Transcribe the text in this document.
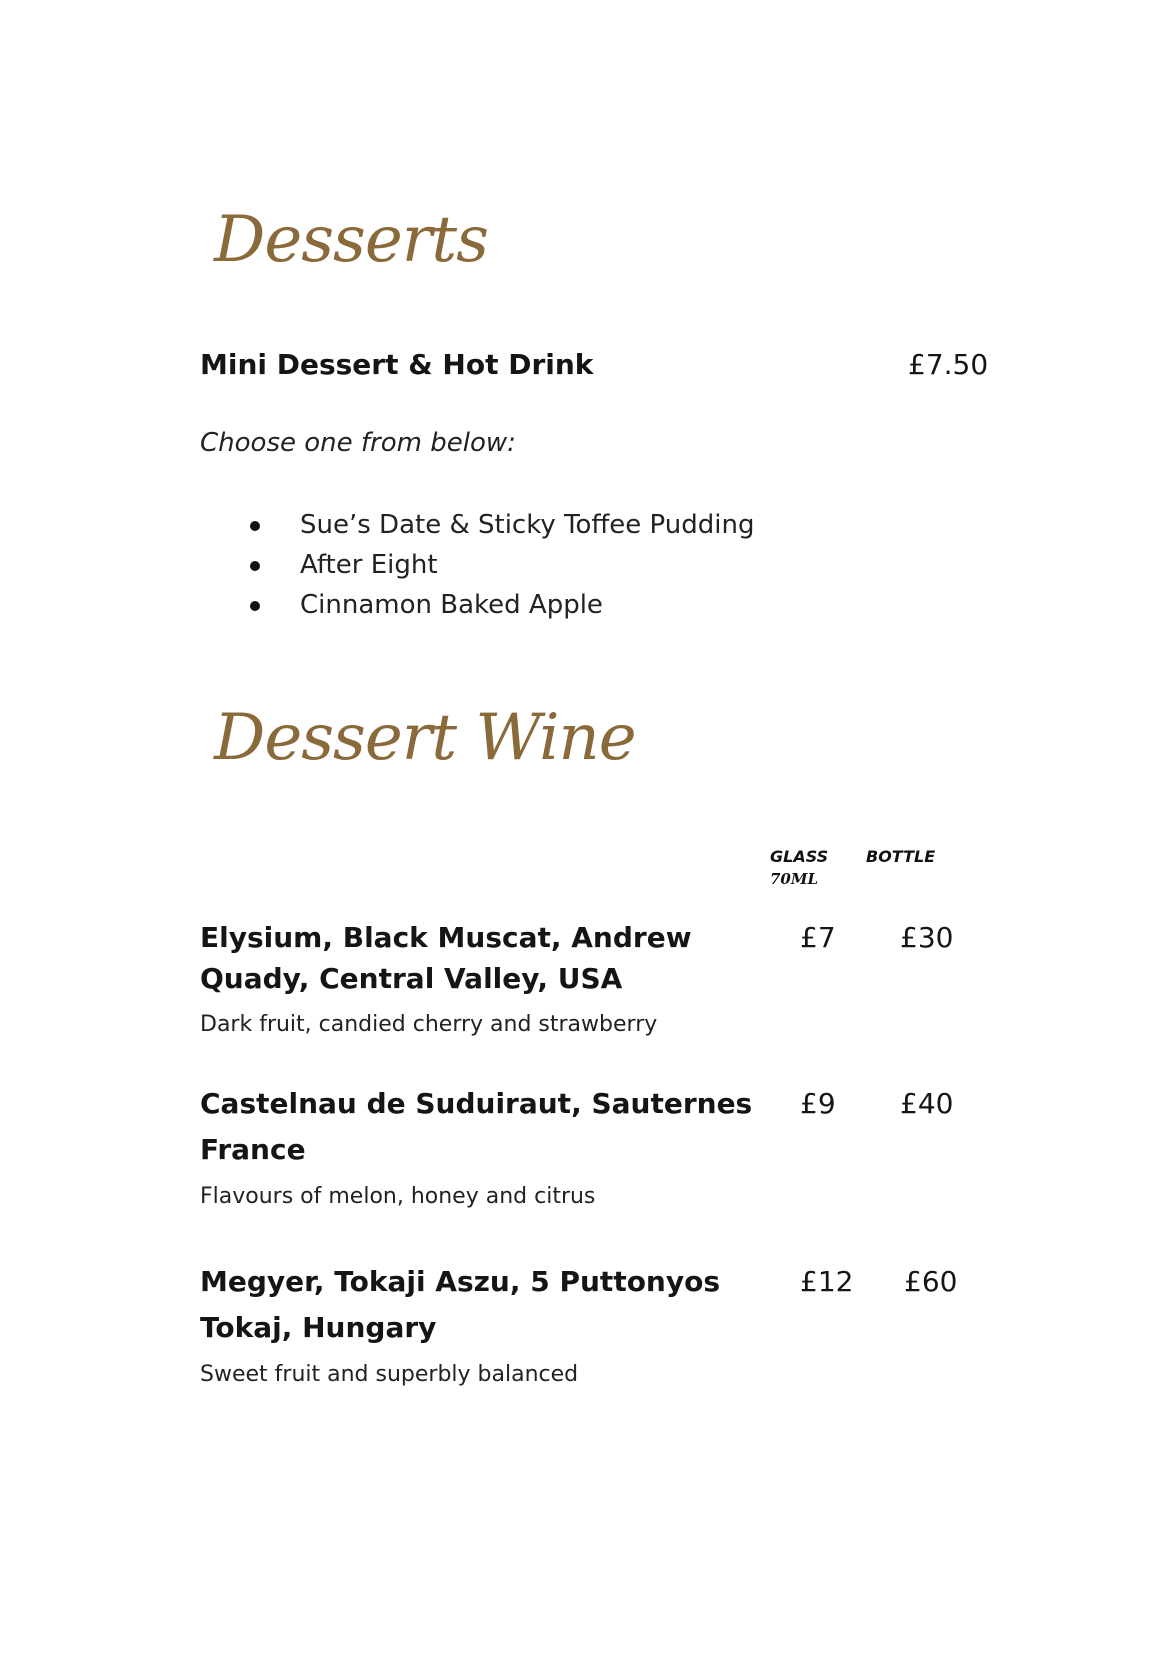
Desserts
Mini Dessert & Hot Drink	£7.50
Choose one from below:
Sue’s Date & Sticky Toffee Pudding
After Eight
Cinnamon Baked Apple
Dessert Wine
GLASS
70ML
BOTTLE
Elysium, Black Muscat, Andrew
Quady, Central Valley, USA
£7 £30
Dark fruit, candied cherry and strawberry
Castelnau de Suduiraut, Sauternes
France
£9 £40
Flavours of melon, honey and citrus
Megyer, Tokaji Aszu, 5 Puttonyos
Tokaj, Hungary
£12 £60
Sweet fruit and superbly balanced
